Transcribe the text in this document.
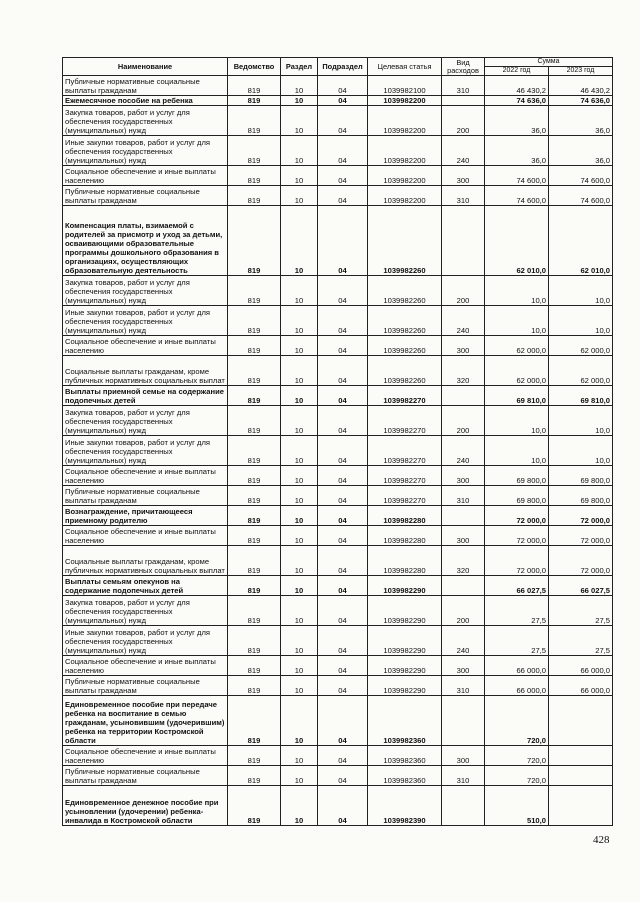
Наименование	Ведомство	Раздел	Подраздел	Целевая статья	Вид расходов	Сумма	
						2022 год	2023 год
Публичные нормативные социальные выплаты гражданам	819	10	04	1039982100	310	46 430,2	46 430,2
Ежемесячное пособие на ребенка	819	10	04	1039982200		74 636,0	74 636,0
Закупка товаров, работ и услуг для обеспечения государственных (муниципальных) нужд	819	10	04	1039982200	200	36,0	36,0
Иные закупки товаров, работ и услуг для обеспечения государственных (муниципальных) нужд	819	10	04	1039982200	240	36,0	36,0
Социальное обеспечение и иные выплаты населению	819	10	04	1039982200	300	74 600,0	74 600,0
Публичные нормативные социальные выплаты гражданам	819	10	04	1039982200	310	74 600,0	74 600,0
Компенсация платы, взимаемой с родителей за присмотр и уход за детьми, осваивающими образовательные программы дошкольного образования в организациях, осуществляющих образовательную деятельность	819	10	04	1039982260		62 010,0	62 010,0
Закупка товаров, работ и услуг для обеспечения государственных (муниципальных) нужд	819	10	04	1039982260	200	10,0	10,0
Иные закупки товаров, работ и услуг для обеспечения государственных (муниципальных) нужд	819	10	04	1039982260	240	10,0	10,0
Социальное обеспечение и иные выплаты населению	819	10	04	1039982260	300	62 000,0	62 000,0
Социальные выплаты гражданам, кроме публичных нормативных социальных выплат	819	10	04	1039982260	320	62 000,0	62 000,0
Выплаты приемной семье на содержание подопечных детей	819	10	04	1039982270		69 810,0	69 810,0
Закупка товаров, работ и услуг для обеспечения государственных (муниципальных) нужд	819	10	04	1039982270	200	10,0	10,0
Иные закупки товаров, работ и услуг для обеспечения государственных (муниципальных) нужд	819	10	04	1039982270	240	10,0	10,0
Социальное обеспечение и иные выплаты населению	819	10	04	1039982270	300	69 800,0	69 800,0
Публичные нормативные социальные выплаты гражданам	819	10	04	1039982270	310	69 800,0	69 800,0
Вознаграждение, причитающееся приемному родителю	819	10	04	1039982280		72 000,0	72 000,0
Социальное обеспечение и иные выплаты населению	819	10	04	1039982280	300	72 000,0	72 000,0
Социальные выплаты гражданам, кроме публичных нормативных социальных выплат	819	10	04	1039982280	320	72 000,0	72 000,0
Выплаты семьям опекунов на содержание подопечных детей	819	10	04	1039982290		66 027,5	66 027,5
Закупка товаров, работ и услуг для обеспечения государственных (муниципальных) нужд	819	10	04	1039982290	200	27,5	27,5
Иные закупки товаров, работ и услуг для обеспечения государственных (муниципальных) нужд	819	10	04	1039982290	240	27,5	27,5
Социальное обеспечение и иные выплаты населению	819	10	04	1039982290	300	66 000,0	66 000,0
Публичные нормативные социальные выплаты гражданам	819	10	04	1039982290	310	66 000,0	66 000,0
Единовременное пособие при передаче ребенка на воспитание в семью гражданам, усыновившим (удочерившим) ребенка на территории Костромской области	819	10	04	1039982360		720,0	
Социальное обеспечение и иные выплаты населению	819	10	04	1039982360	300	720,0	
Публичные нормативные социальные выплаты гражданам	819	10	04	1039982360	310	720,0	
Единовременное денежное пособие при усыновлении (удочерении) ребенка-инвалида в Костромской области	819	10	04	1039982390		510,0	
428
